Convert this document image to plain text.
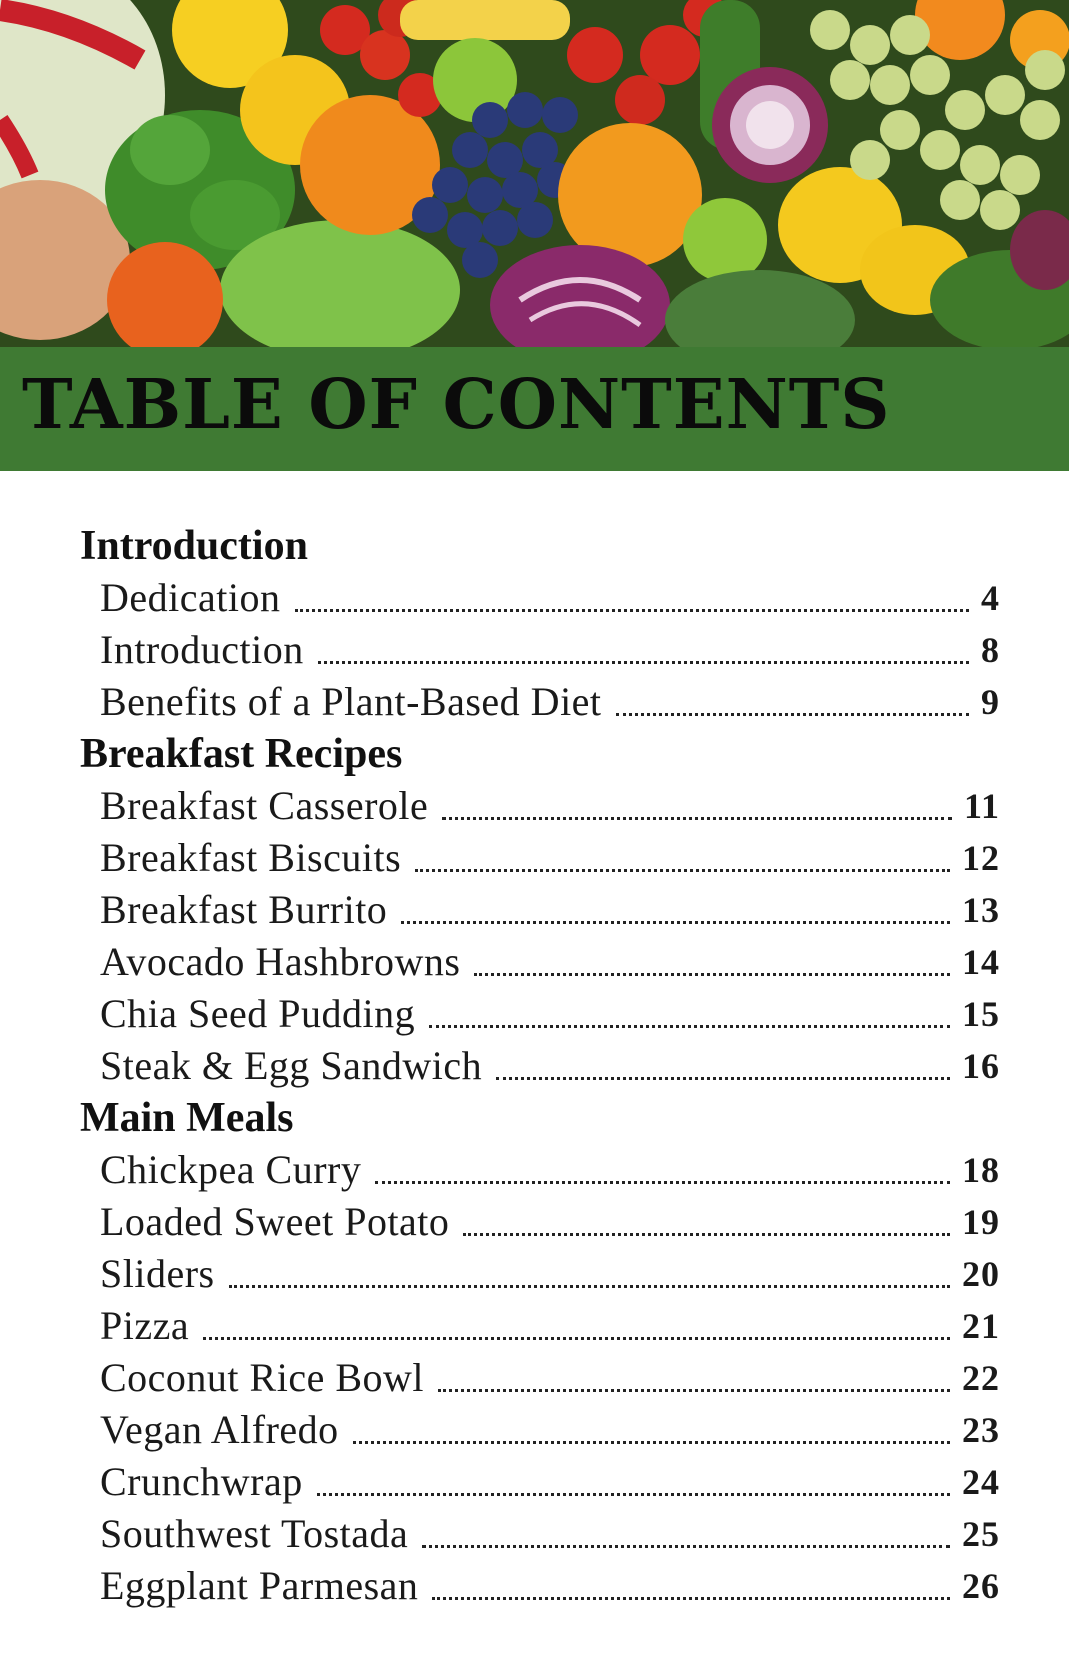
TABLE OF CONTENTS
Introduction
Dedication	4
Introduction	8
Benefits of a Plant-Based Diet	9
Breakfast Recipes
Breakfast Casserole	11
Breakfast Biscuits	12
Breakfast Burrito	13
Avocado Hashbrowns	14
Chia Seed Pudding	15
Steak & Egg Sandwich	16
Main Meals
Chickpea Curry	18
Loaded Sweet Potato	19
Sliders	20
Pizza	21
Coconut Rice Bowl	22
Vegan Alfredo	23
Crunchwrap	24
Southwest Tostada	25
Eggplant Parmesan	26
